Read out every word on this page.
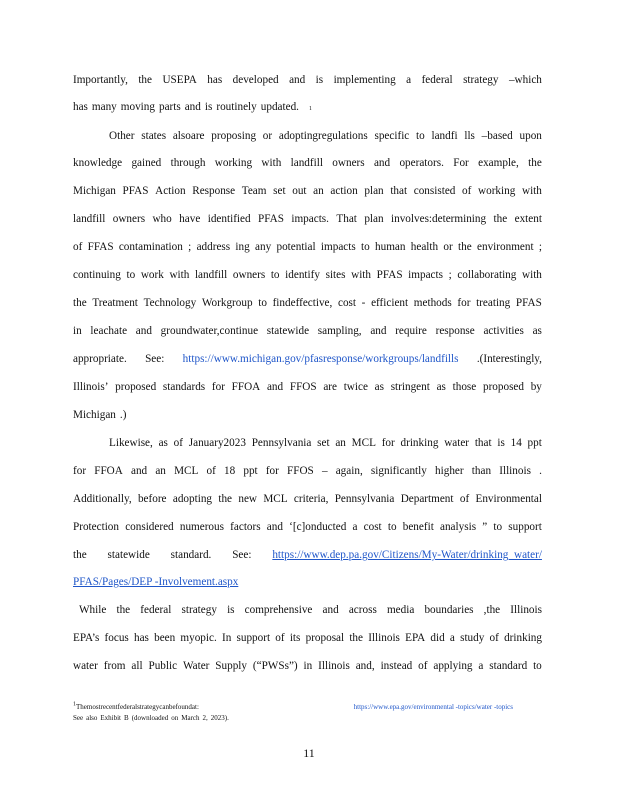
Importantly, the USEPA has developed and is implementing a federal strategy –which
has many moving parts and is routinely updated. 1
Other states alsoare proposing or adoptingregulations specific to landfi lls –based upon
knowledge gained through working with landfill owners and operators. For example, the
Michigan PFAS Action Response Team set out an action plan that consisted of working with
landfill owners who have identified PFAS impacts. That plan involves:determining the extent
of FFAS contamination ; address ing any potential impacts to human health or the environment ;
continuing to work with landfill owners to identify sites with PFAS impacts ; collaborating with
the Treatment Technology Workgroup to findeffective, cost - efficient methods for treating PFAS
in leachate and groundwater,continue statewide sampling, and require response activities as
appropriate. See: https://www.michigan.gov/pfasresponse/workgroups/landfills .(Interestingly,
Illinois’ proposed standards for FFOA and FFOS are twice as stringent as those proposed by
Michigan .)
Likewise, as of January2023 Pennsylvania set an MCL for drinking water that is 14 ppt
for FFOA and an MCL of 18 ppt for FFOS – again, significantly higher than Illinois .
Additionally, before adopting the new MCL criteria, Pennsylvania Department of Environmental
Protection considered numerous factors and ‘[c]onducted a cost to benefit analysis ” to support
the statewide standard. See: https://www.dep.pa.gov/Citizens/My-Water/drinking_water/
PFAS/Pages/DEP -Involvement.aspx
While the federal strategy is comprehensive and across media boundaries ,the Illinois
EPA’s focus has been myopic. In support of its proposal the Illinois EPA did a study of drinking
water from all Public Water Supply (“PWSs”) in Illinois and, instead of applying a standard to
$^1$Themostrecentfederalstrategycanbefoundat:	https://www.epa.gov/environmental -topics/water -topics
See also Exhibit B (downloaded on March 2, 2023).
11
